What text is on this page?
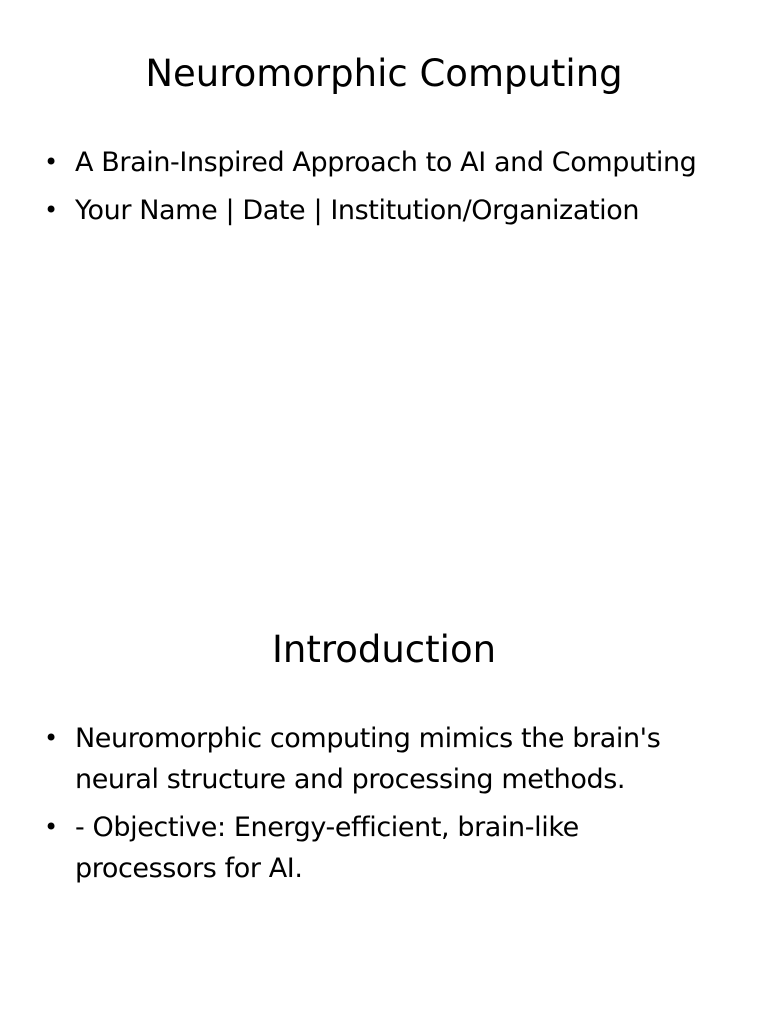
Neuromorphic Computing
• A Brain-Inspired Approach to AI and Computing
• Your Name | Date | Institution/Organization
Introduction
• Neuromorphic computing mimics the brain's neural structure and processing methods.
• - Objective: Energy-efficient, brain-like processors for AI.
